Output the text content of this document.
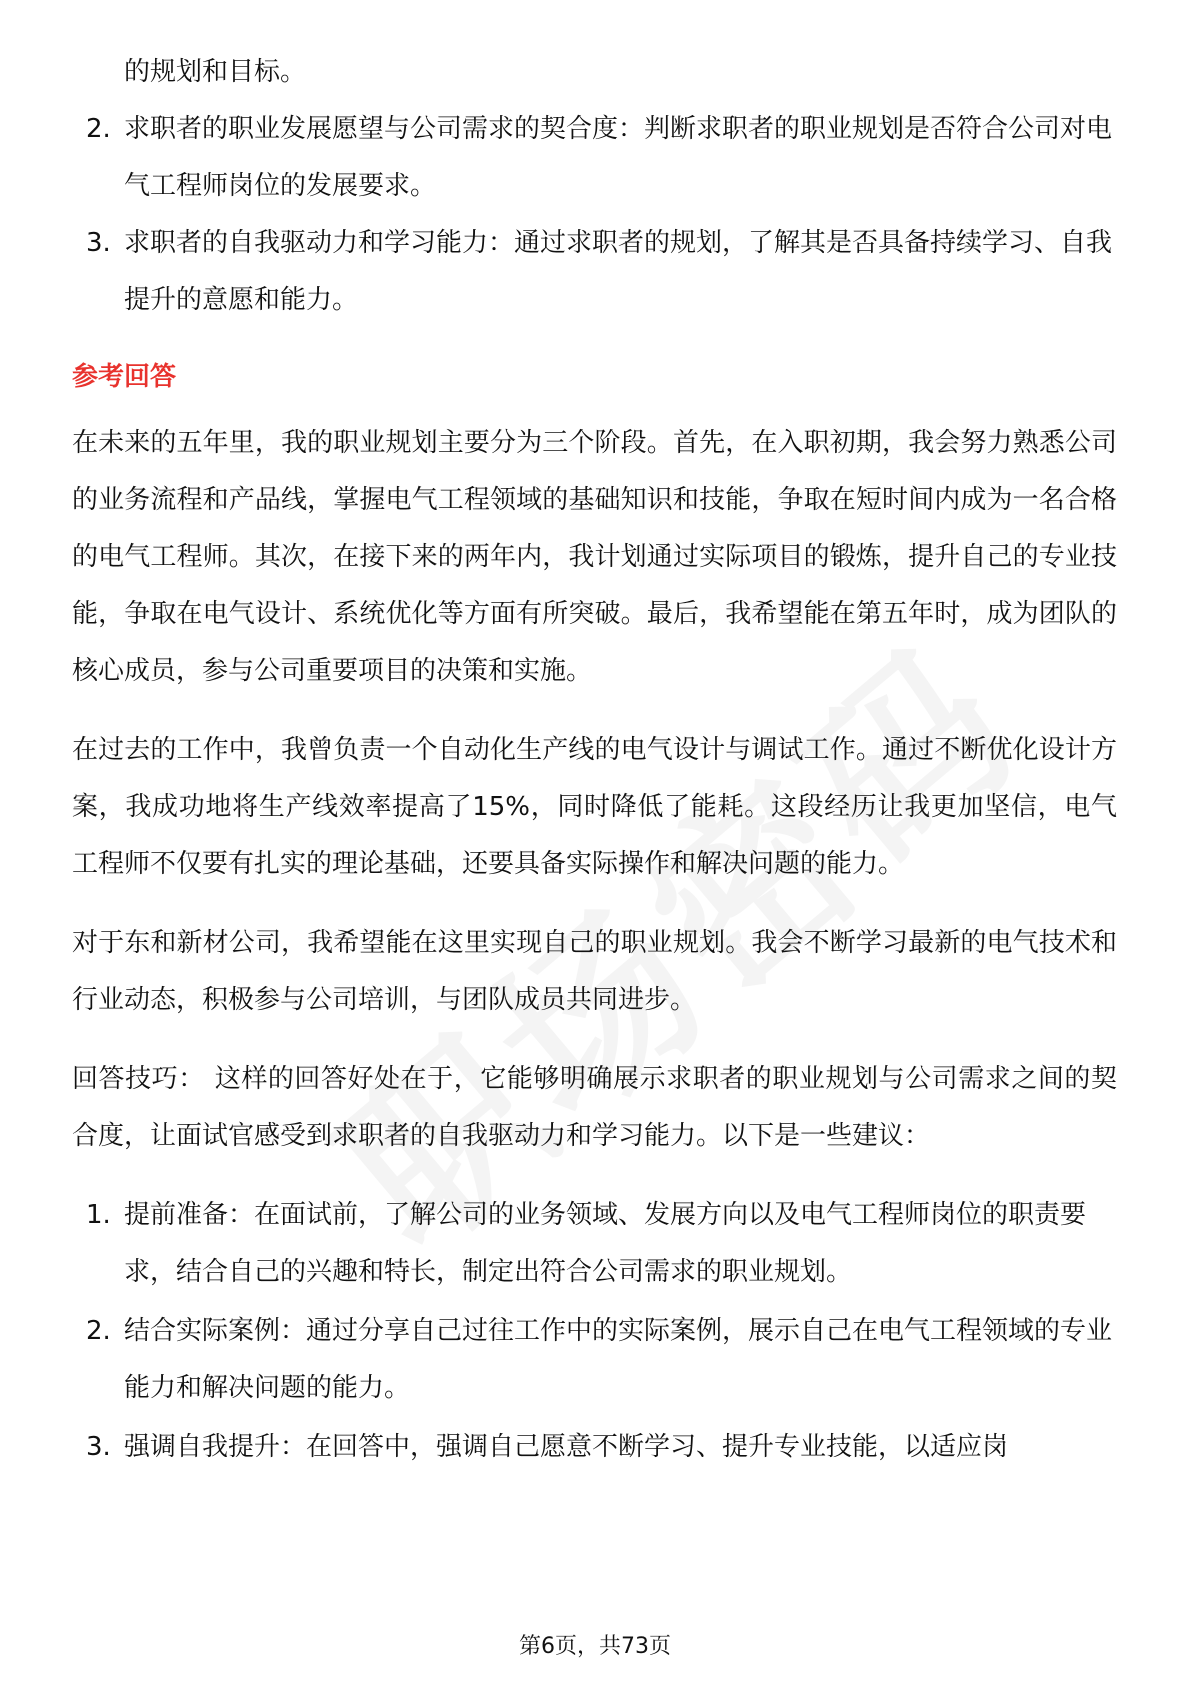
的规划和目标。
2. 求职者的职业发展愿望与公司需求的契合度：判断求职者的职业规划是否符合公司对电气工程师岗位的发展要求。
3. 求职者的自我驱动力和学习能力：通过求职者的规划，了解其是否具备持续学习、自我提升的意愿和能力。
参考回答

在未来的五年里，我的职业规划主要分为三个阶段。首先，在入职初期，我会努力熟悉公司的业务流程和产品线，掌握电气工程领域的基础知识和技能，争取在短时间内成为一名合格的电气工程师。其次，在接下来的两年内，我计划通过实际项目的锻炼，提升自己的专业技能，争取在电气设计、系统优化等方面有所突破。最后，我希望能在第五年时，成为团队的核心成员，参与公司重要项目的决策和实施。

在过去的工作中，我曾负责一个自动化生产线的电气设计与调试工作。通过不断优化设计方案，我成功地将生产线效率提高了15%，同时降低了能耗。这段经历让我更加坚信，电气工程师不仅要有扎实的理论基础，还要具备实际操作和解决问题的能力。

对于东和新材公司，我希望能在这里实现自己的职业规划。我会不断学习最新的电气技术和行业动态，积极参与公司培训，与团队成员共同进步。

回答技巧： 这样的回答好处在于，它能够明确展示求职者的职业规划与公司需求之间的契合度，让面试官感受到求职者的自我驱动力和学习能力。以下是一些建议：

1. 提前准备：在面试前，了解公司的业务领域、发展方向以及电气工程师岗位的职责要求，结合自己的兴趣和特长，制定出符合公司需求的职业规划。
2. 结合实际案例：通过分享自己过往工作中的实际案例，展示自己在电气工程领域的专业能力和解决问题的能力。
3. 强调自我提升：在回答中，强调自己愿意不断学习、提升专业技能，以适应岗
第6页，共73页
